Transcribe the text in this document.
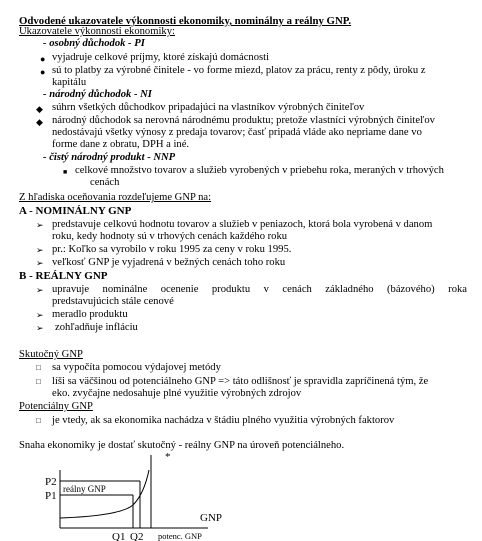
Odvodené ukazovatele výkonnosti ekonomiky, nominálny a reálny GNP.
Ukazovatele výkonnosti ekonomiky:
- osobný důchodok - PI
● vyjadruje celkové príjmy, ktoré získajú domácnosti
● sú to platby za výrobné činitele - vo forme miezd, platov za prácu, renty z pôdy, úroku z
kapitálu
- národný důchodok - NI
◆ súhrn všetkých důchodkov pripadajúci na vlastníkov výrobných činiteľov
◆ národný důchodok sa nerovná národnému produktu; pretože vlastníci výrobných činiteľov
nedostávajú všetky výnosy z predaja tovarov; časť pripadá vláde ako nepriame dane vo
forme dane z obratu, DPH a iné.
- čistý národný produkt - NNP
■ celkové množstvo tovarov a služieb vyrobených v priebehu roka, meraných v trhových
cenách
Z hľadiska oceňovania rozdeľujeme GNP na:
A - NOMINÁLNY GNP
➢ predstavuje celkovú hodnotu tovarov a služieb v peniazoch, ktorá bola vyrobená v danom
roku, kedy hodnoty sú v trhových cenách každého roku
➢ pr.: Koľko sa vyrobilo v roku 1995 za ceny v roku 1995.
➢ veľkosť GNP je vyjadrená v bežných cenách toho roku
B - REÁLNY GNP
➢ upravuje nominálne ocenenie produktu v cenách základného (bázového) roka
predstavujúcich stále cenové
➢ meradlo produktu
➢ zohľadňuje infláciu
Skutočný GNP
□ sa vypočíta pomocou výdajovej metódy
□ líši sa väčšinou od potenciálneho GNP => táto odlišnosť je spravidla zapríčinená tým, že
eko. zvyčajne nedosahuje plné využitie výrobných zdrojov
Potenciálny GNP
□ je vtedy, ak sa ekonomika nachádza v štádiu plného využitia výrobných faktorov
Snaha ekonomiky je dostať skutočný - reálny GNP na úroveň potenciálneho.
*
P2
P1
reálny GNP
Q1 Q2
GNP
potenc. GNP
